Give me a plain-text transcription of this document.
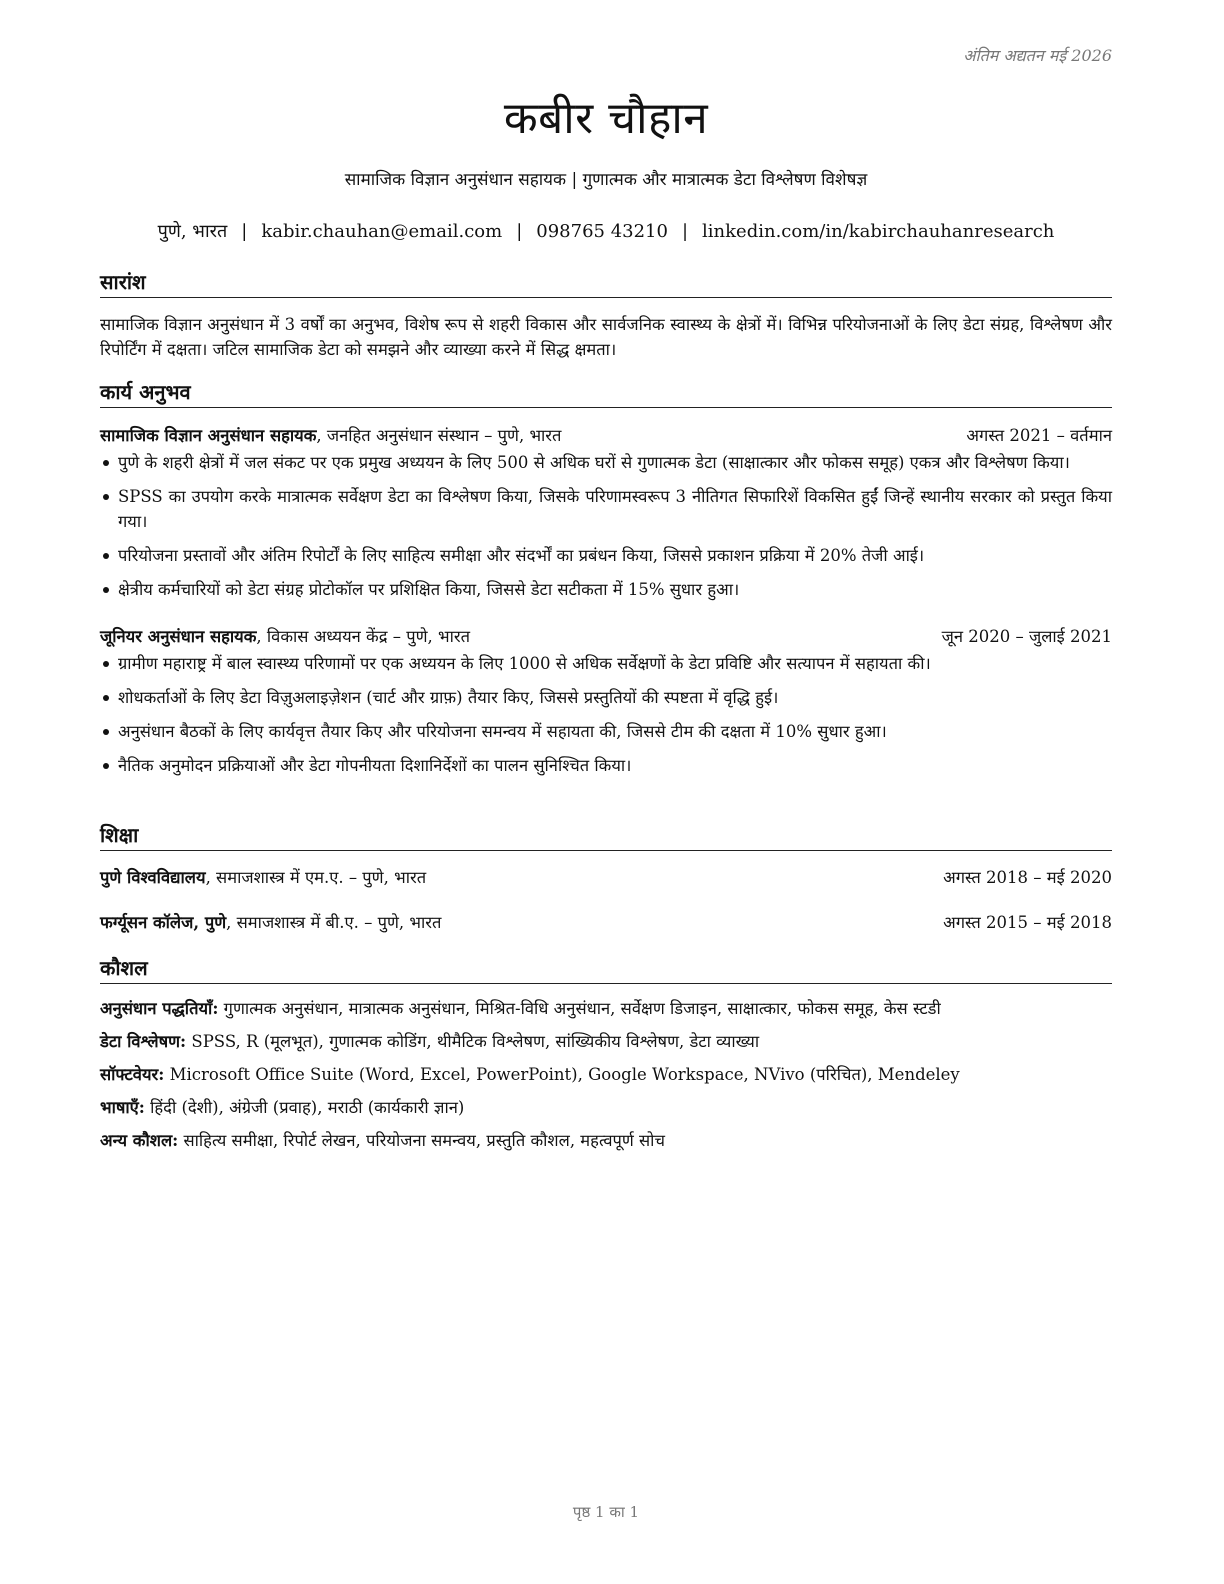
अंतिम अद्यतन मई 2026
कबीर चौहान
सामाजिक विज्ञान अनुसंधान सहायक | गुणात्मक और मात्रात्मक डेटा विश्लेषण विशेषज्ञ
पुणे, भारत | kabir.chauhan@email.com | 098765 43210 | linkedin.com/in/kabirchauhanresearch
सारांश

सामाजिक विज्ञान अनुसंधान में 3 वर्षों का अनुभव, विशेष रूप से शहरी विकास और सार्वजनिक स्वास्थ्य के क्षेत्रों में। विभिन्न परियोजनाओं के लिए डेटा संग्रह, विश्लेषण और रिपोर्टिंग में दक्षता। जटिल सामाजिक डेटा को समझने और व्याख्या करने में सिद्ध क्षमता।

कार्य अनुभव
सामाजिक विज्ञान अनुसंधान सहायक, जनहित अनुसंधान संस्थान – पुणे, भारत	अगस्त 2021 – वर्तमान
पुणे के शहरी क्षेत्रों में जल संकट पर एक प्रमुख अध्ययन के लिए 500 से अधिक घरों से गुणात्मक डेटा (साक्षात्कार और फोकस समूह) एकत्र और विश्लेषण किया।
SPSS का उपयोग करके मात्रात्मक सर्वेक्षण डेटा का विश्लेषण किया, जिसके परिणामस्वरूप 3 नीतिगत सिफारिशें विकसित हुईं जिन्हें स्थानीय सरकार को प्रस्तुत किया गया।
परियोजना प्रस्तावों और अंतिम रिपोर्टों के लिए साहित्य समीक्षा और संदर्भों का प्रबंधन किया, जिससे प्रकाशन प्रक्रिया में 20% तेजी आई।
क्षेत्रीय कर्मचारियों को डेटा संग्रह प्रोटोकॉल पर प्रशिक्षित किया, जिससे डेटा सटीकता में 15% सुधार हुआ।
जूनियर अनुसंधान सहायक, विकास अध्ययन केंद्र – पुणे, भारत	जून 2020 – जुलाई 2021
ग्रामीण महाराष्ट्र में बाल स्वास्थ्य परिणामों पर एक अध्ययन के लिए 1000 से अधिक सर्वेक्षणों के डेटा प्रविष्टि और सत्यापन में सहायता की।
शोधकर्ताओं के लिए डेटा विज़ुअलाइज़ेशन (चार्ट और ग्राफ़) तैयार किए, जिससे प्रस्तुतियों की स्पष्टता में वृद्धि हुई।
अनुसंधान बैठकों के लिए कार्यवृत्त तैयार किए और परियोजना समन्वय में सहायता की, जिससे टीम की दक्षता में 10% सुधार हुआ।
नैतिक अनुमोदन प्रक्रियाओं और डेटा गोपनीयता दिशानिर्देशों का पालन सुनिश्चित किया।
शिक्षा
पुणे विश्वविद्यालय, समाजशास्त्र में एम.ए. – पुणे, भारत	अगस्त 2018 – मई 2020
फर्ग्यूसन कॉलेज, पुणे, समाजशास्त्र में बी.ए. – पुणे, भारत	अगस्त 2015 – मई 2018
कौशल
अनुसंधान पद्धतियाँ: गुणात्मक अनुसंधान, मात्रात्मक अनुसंधान, मिश्रित-विधि अनुसंधान, सर्वेक्षण डिजाइन, साक्षात्कार, फोकस समूह, केस स्टडी
डेटा विश्लेषण: SPSS, R (मूलभूत), गुणात्मक कोडिंग, थीमैटिक विश्लेषण, सांख्यिकीय विश्लेषण, डेटा व्याख्या
सॉफ्टवेयर: Microsoft Office Suite (Word, Excel, PowerPoint), Google Workspace, NVivo (परिचित), Mendeley
भाषाएँ: हिंदी (देशी), अंग्रेजी (प्रवाह), मराठी (कार्यकारी ज्ञान)
अन्य कौशल: साहित्य समीक्षा, रिपोर्ट लेखन, परियोजना समन्वय, प्रस्तुति कौशल, महत्वपूर्ण सोच
पृष्ठ 1 का 1
